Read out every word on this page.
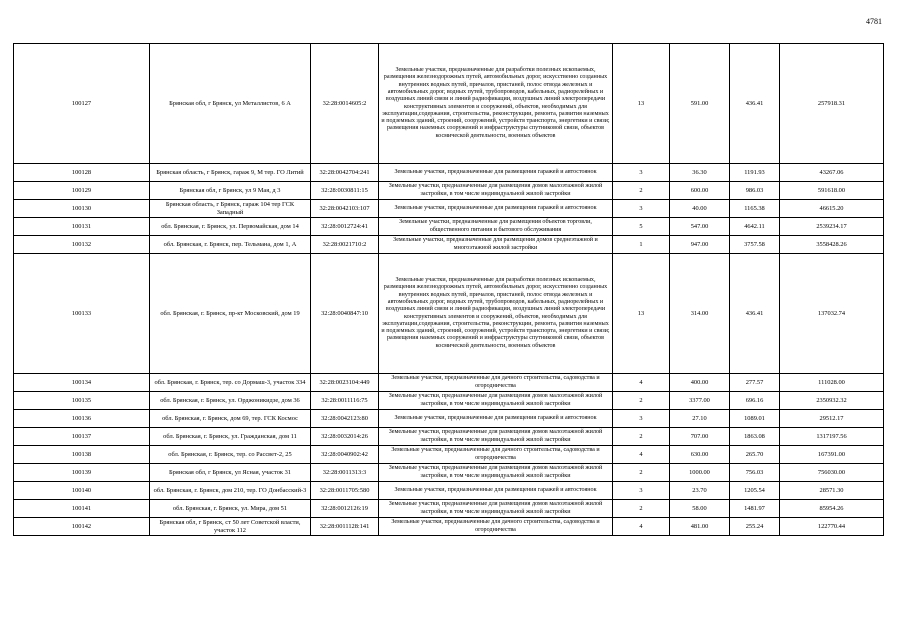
4781
100127	Брянская обл, г Брянск, ул Металлистов, 6 А	32:28:0014605:2	Земельные участки, предназначенные для разработки полезных ископаемых, размещения железнодорожных путей, автомобильных дорог, искусственно созданных внутренних водных путей, причалов, пристаней, полос отвода железных и автомобильных дорог, водных путей, трубопроводов, кабельных, радиорелейных и воздушных линий связи и линий радиофикации, воздушных линий электропередачи конструктивных элементов и сооружений, объектов, необходимых для эксплуатации,содержания, строительства, реконструкции, ремонта, развития наземных и подземных зданий, строений, сооружений, устройств транспорта, энергетики и связи; размещения наземных сооружений и инфраструктуры спутниковой связи, объектов космической деятельности, военных объектов	13	591.00	436.41	257918.31
100128	Брянская область, г Брянск, гараж 9, М тер. ГО Литий	32:28:0042704:241	Земельные участки, предназначенные для размещения гаражей и автостоянок	3	36.30	1191.93	43267.06
100129	Брянская обл, г Брянск, ул 9 Мая, д 3	32:28:0030811:15	Земельные участки, предназначенные для размещения домов малоэтажной жилой застройки, в том числе индивидуальной жилой застройки	2	600.00	986.03	591618.00
100130	Брянская область, г Брянск, гараж 104 тер ГСК Западный	32:28:0042103:107	Земельные участки, предназначенные для размещения гаражей и автостоянок	3	40.00	1165.38	46615.20
100131	обл. Брянская, г. Брянск, ул. Первомайская, дом 14	32:28:0012724:41	Земельные участки, предназначенные для размещения объектов торговли, общественного питания и бытового обслуживания	5	547.00	4642.11	2539234.17
100132	обл. Брянская, г. Брянск, пер. Тельмана, дом 1, А	32:28:0021710:2	Земельные участки, предназначенные для размещения домов среднеэтажной и многоэтажной жилой застройки	1	947.00	3757.58	3558428.26
100133	обл. Брянская, г. Брянск, пр-кт Московский, дом 19	32:28:0040847:10	Земельные участки, предназначенные для разработки полезных ископаемых, размещения железнодорожных путей, автомобильных дорог, искусственно созданных внутренних водных путей, причалов, пристаней, полос отвода железных и автомобильных дорог, водных путей, трубопроводов, кабельных, радиорелейных и воздушных линий связи и линий радиофикации, воздушных линий электропередачи конструктивных элементов и сооружений, объектов, необходимых для эксплуатации,содержания, строительства, реконструкции, ремонта, развития наземных и подземных зданий, строений, сооружений, устройств транспорта, энергетики и связи; размещения наземных сооружений и инфраструктуры спутниковой связи, объектов космической деятельности, военных объектов	13	314.00	436.41	137032.74
100134	обл. Брянская, г. Брянск, тер. со Дормаш-3, участок 334	32:28:0023104:449	Земельные участки, предназначенные для дачного строительства, садоводства и огородничества	4	400.00	277.57	111028.00
100135	обл. Брянская, г. Брянск, ул. Орджоникидзе, дом 36	32:28:0011116:75	Земельные участки, предназначенные для размещения домов малоэтажной жилой застройки, в том числе индивидуальной жилой застройки	2	3377.00	696.16	2350932.32
100136	обл. Брянская, г. Брянск, дом 69, тер. ГСК Космос	32:28:0042123:80	Земельные участки, предназначенные для размещения гаражей и автостоянок	3	27.10	1089.01	29512.17
100137	обл. Брянская, г. Брянск, ул. Гражданская, дом 11	32:28:0032014:26	Земельные участки, предназначенные для размещения домов малоэтажной жилой застройки, в том числе индивидуальной жилой застройки	2	707.00	1863.08	1317197.56
100138	обл. Брянская, г. Брянск, тер. со Рассвет-2, 25	32:28:0040902:42	Земельные участки, предназначенные для дачного строительства, садоводства и огородничества	4	630.00	265.70	167391.00
100139	Брянская обл, г Брянск, ул Ясная, участок 31	32:28:0011313:3	Земельные участки, предназначенные для размещения домов малоэтажной жилой застройки, в том числе индивидуальной жилой застройки	2	1000.00	756.03	756030.00
100140	обл. Брянская, г. Брянск, дом 210, тер. ГО Донбасский-3	32:28:0011705:580	Земельные участки, предназначенные для размещения гаражей и автостоянок	3	23.70	1205.54	28571.30
100141	обл. Брянская, г. Брянск, ул. Мира, дом 51	32:28:0012126:19	Земельные участки, предназначенные для размещения домов малоэтажной жилой застройки, в том числе индивидуальной жилой застройки	2	58.00	1481.97	85954.26
100142	Брянская обл, г Брянск, ст 50 лет Советской власти, участок 112	32:28:0011128:141	Земельные участки, предназначенные для дачного строительства, садоводства и огородничества	4	481.00	255.24	122770.44
